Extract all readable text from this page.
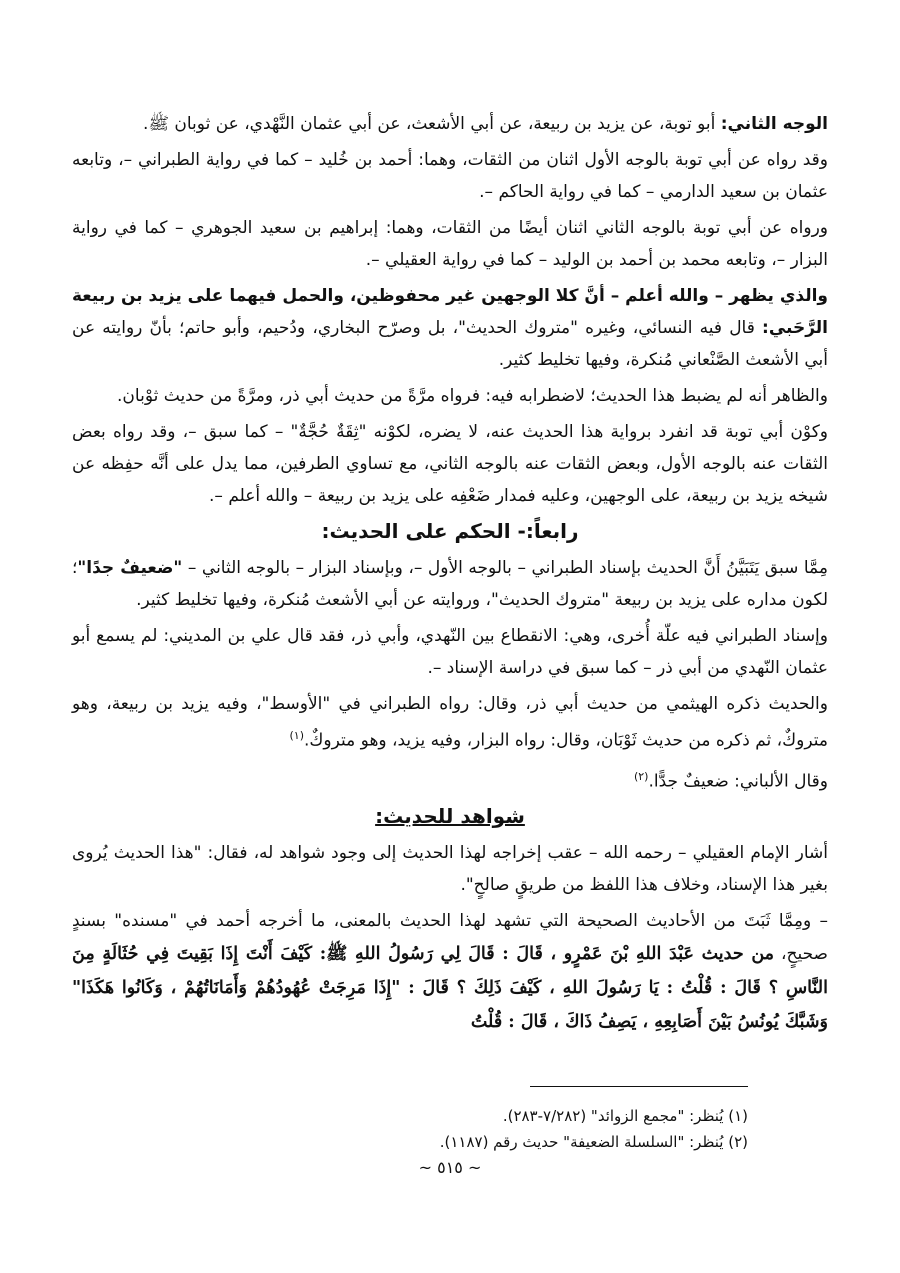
الوجه الثاني: أبو توبة، عن يزيد بن ربيعة، عن أبي الأشعث، عن أبي عثمان النَّهْدي، عن ثوبان ﷺ.

وقد رواه عن أبي توبة بالوجه الأول اثنان من الثقات، وهما: أحمد بن خُليد – كما في رواية الطبراني –، وتابعه عثمان بن سعيد الدارمي – كما في رواية الحاكم –.

ورواه عن أبي توبة بالوجه الثاني اثنان أيضًا من الثقات، وهما: إبراهيم بن سعيد الجوهري – كما في رواية البزار –، وتابعه محمد بن أحمد بن الوليد – كما في رواية العقيلي –.

والذي يظهر – والله أعلم – أنَّ كلا الوجهين غير محفوظين، والحمل فيهما على يزيد بن ربيعة الرَّحَبي: قال فيه النسائي، وغيره "متروك الحديث"، بل وصرّح البخاري، ودُحيم، وأبو حاتم؛ بأنّ روايته عن أبي الأشعث الصَّنْعاني مُنكرة، وفيها تخليط كثير.

والظاهر أنه لم يضبط هذا الحديث؛ لاضطرابه فيه: فرواه مرَّةً من حديث أبي ذر، ومرَّةً من حديث ثوْبان.

وكوْن أبي توبة قد انفرد برواية هذا الحديث عنه، لا يضره، لكوْنه "ثِقَةٌ حُجَّةٌ" – كما سبق –، وقد رواه بعض الثقات عنه بالوجه الأول، وبعض الثقات عنه بالوجه الثاني، مع تساوي الطرفين، مما يدل على أنَّه حفِظه عن شيخه يزيد بن ربيعة، على الوجهين، وعليه فمدار ضَعْفِه على يزيد بن ربيعة – والله أعلم –.

رابعاً:- الحكم على الحديث:

مِمَّا سبق يَتَبَيَّنُ أَنَّ الحديث بإسناد الطبراني – بالوجه الأول –، وبإسناد البزار – بالوجه الثاني – "ضعيفٌ جدًا"؛ لكون مداره على يزيد بن ربيعة "متروك الحديث"، وروايته عن أبي الأشعث مُنكرة، وفيها تخليط كثير.

وإسناد الطبراني فيه علّة أُخرى، وهي: الانقطاع بين النّهدي، وأبي ذر، فقد قال علي بن المديني: لم يسمع أبو عثمان النّهدي من أبي ذر – كما سبق في دراسة الإسناد –.

والحديث ذكره الهيثمي من حديث أبي ذر، وقال: رواه الطبراني في "الأوسط"، وفيه يزيد بن ربيعة، وهو متروكٌ، ثم ذكره من حديث ثَوْبَان، وقال: رواه البزار، وفيه يزيد، وهو متروكٌ.$^{(١)}$

وقال الألباني: ضعيفٌ جدًّا.$^{(٢)}$

شواهد للحديث:

أشار الإمام العقيلي – رحمه الله – عقب إخراجه لهذا الحديث إلى وجود شواهد له، فقال: "هذا الحديث يُروى بغير هذا الإسناد، وخلاف هذا اللفظ من طريقٍ صالحٍ".

– ومِمَّا ثَبَتَ من الأحاديث الصحيحة التي تشهد لهذا الحديث بالمعنى، ما أخرجه أحمد في "مسنده" بسندٍ صحيحٍ، من حديث عَبْدَ اللهِ بْنَ عَمْرٍو ، قَالَ : قَالَ لِي رَسُولُ اللهِ ﷺ: كَيْفَ أَنْتَ إِذَا بَقِيتَ فِي حُثَالَةٍ مِنَ النَّاسِ ؟ قَالَ : قُلْتُ : يَا رَسُولَ اللهِ ، كَيْفَ ذَلِكَ ؟ قَالَ : "إِذَا مَرِجَتْ عُهُودُهُمْ وَأَمَانَاتُهُمْ ، وَكَانُوا هَكَذَا" وَشَبَّكَ يُونُسُ بَيْنَ أَصَابِعِهِ ، يَصِفُ ذَاكَ ، قَالَ : قُلْتُ

(١) يُنظر: "مجمع الزوائد" (٧/٢٨٢-٢٨٣).
(٢) يُنظر: "السلسلة الضعيفة" حديث رقم (١١٨٧).
~ ٥١٥ ~
